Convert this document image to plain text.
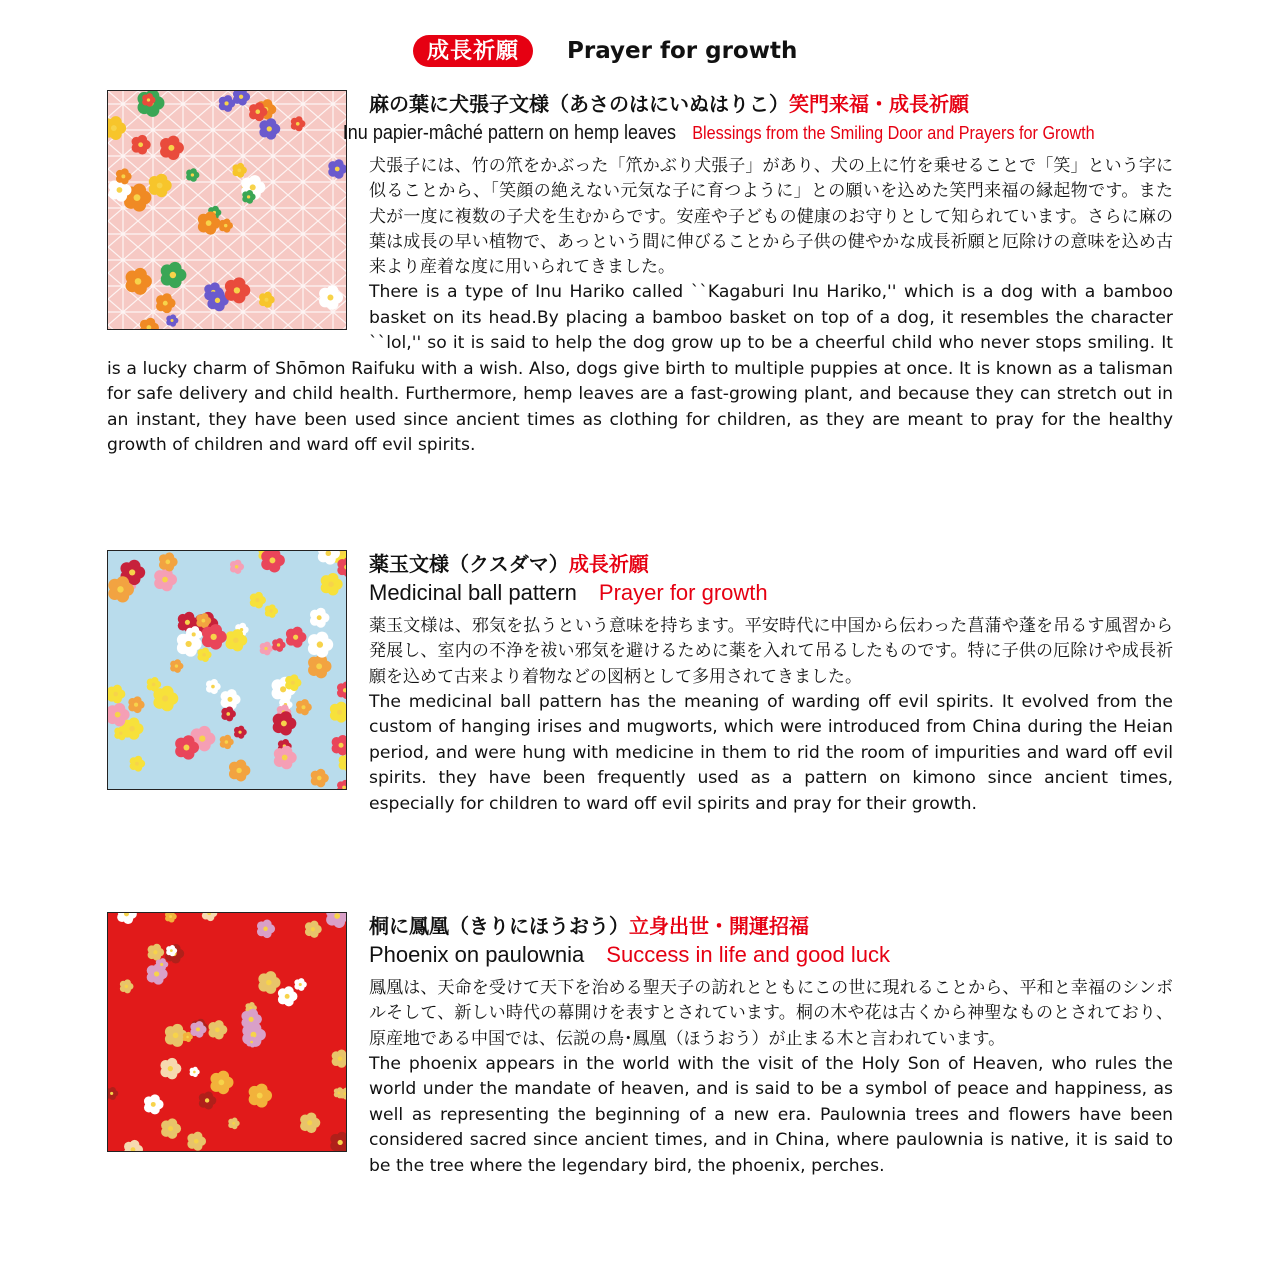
成長祈願	Prayer for growth
麻の葉に犬張子文様（あさのはにいぬはりこ）笑門来福・成長祈願
Inu papier-mâché pattern on hemp leaves Blessings from the Smiling Door and Prayers for Growth
犬張子には、竹の笊をかぶった「笊かぶり犬張子」があり、犬の上に竹を乗せることで「笑」という字に似ることから、「笑顔の絶えない元気な子に育つように」との願いを込めた笑門来福の縁起物です。また犬が一度に複数の子犬を生むからです。安産や子どもの健康のお守りとして知られています。さらに麻の葉は成長の早い植物で、あっという間に伸びることから子供の健やかな成長祈願と厄除けの意味を込め古来より産着な度に用いられてきました。
There is a type of Inu Hariko called ``Kagaburi Inu Hariko,'' which is a dog with a bamboo basket on its head.By placing a bamboo basket on top of a dog, it resembles the character ``lol,'' so it is said to help the dog grow up to be a cheerful child who never stops smiling. It is a lucky charm of Shōmon Raifuku with a wish. Also, dogs give birth to multiple puppies at once. It is known as a talisman for safe delivery and child health. Furthermore, hemp leaves are a fast-growing plant, and because they can stretch out in an instant, they have been used since ancient times as clothing for children, as they are meant to pray for the healthy growth of children and ward off evil spirits.
薬玉文様（クスダマ）成長祈願
Medicinal ball pattern Prayer for growth
薬玉文様は、邪気を払うという意味を持ちます。平安時代に中国から伝わった菖蒲や蓬を吊るす風習から発展し、室内の不浄を祓い邪気を避けるために薬を入れて吊るしたものです。特に子供の厄除けや成長祈願を込めて古来より着物などの図柄として多用されてきました。
The medicinal ball pattern has the meaning of warding off evil spirits. It evolved from the custom of hanging irises and mugworts, which were introduced from China during the Heian period, and were hung with medicine in them to rid the room of impurities and ward off evil spirits. they have been frequently used as a pattern on kimono since ancient times, especially for children to ward off evil spirits and pray for their growth.
桐に鳳凰（きりにほうおう）立身出世・開運招福
Phoenix on paulownia Success in life and good luck
鳳凰は、天命を受けて天下を治める聖天子の訪れとともにこの世に現れることから、平和と幸福のシンボルそして、新しい時代の幕開けを表すとされています。桐の木や花は古くから神聖なものとされており、原産地である中国では、伝説の鳥･鳳凰（ほうおう）が止まる木と言われています。
The phoenix appears in the world with the visit of the Holy Son of Heaven, who rules the world under the mandate of heaven, and is said to be a symbol of peace and happiness, as well as representing the beginning of a new era. Paulownia trees and flowers have been considered sacred since ancient times, and in China, where paulownia is native, it is said to be the tree where the legendary bird, the phoenix, perches.
